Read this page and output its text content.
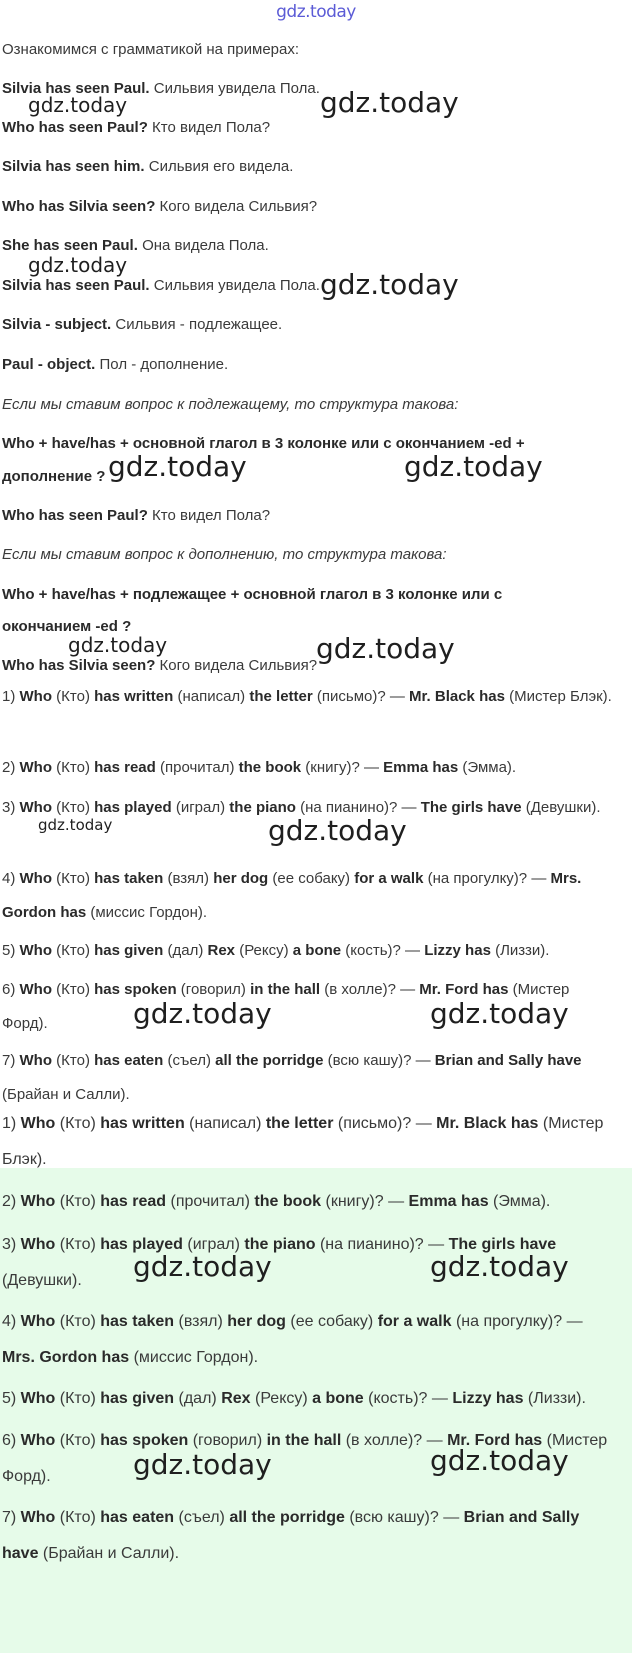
gdz.today

Ознакомимся с грамматикой на примерах:

Silvia has seen Paul. Сильвия увидела Пола.

Who has seen Paul? Кто видел Пола?

Silvia has seen him. Сильвия его видела.

Who has Silvia seen? Кого видела Сильвия?

She has seen Paul. Она видела Пола.

Silvia has seen Paul. Сильвия увидела Пола.

Silvia - subject. Сильвия - подлежащее.

Paul - object. Пол - дополнение.

Если мы ставим вопрос к подлежащему, то структура такова:

Who + have/has + основной глагол в 3 колонке или с окончанием -ed +

дополнение ?

Who has seen Paul? Кто видел Пола?

Если мы ставим вопрос к дополнению, то структура такова:

Who + have/has + подлежащее + основной глагол в 3 колонке или с

окончанием -ed ?

Who has Silvia seen? Кого видела Сильвия?

1) Who (Кто) has written (написал) the letter (письмо)? — Mr. Black has (Мистер Блэк).

2) Who (Кто) has read (прочитал) the book (книгу)? — Emma has (Эмма).

3) Who (Кто) has played (играл) the piano (на пианино)? — The girls have (Девушки).

4) Who (Кто) has taken (взял) her dog (ее собаку) for a walk (на прогулку)? — Mrs. Gordon has (миссис Гордон).

5) Who (Кто) has given (дал) Rex (Рексу) a bone (кость)? — Lizzy has (Лиззи).

6) Who (Кто) has spoken (говорил) in the hall (в холле)? — Mr. Ford has (Мистер Форд).

7) Who (Кто) has eaten (съел) all the porridge (всю кашу)? — Brian and Sally have (Брайан и Салли).

1) Who (Кто) has written (написал) the letter (письмо)? — Mr. Black has (Мистер Блэк).

2) Who (Кто) has read (прочитал) the book (книгу)? — Emma has (Эмма).

3) Who (Кто) has played (играл) the piano (на пианино)? — The girls have (Девушки).

4) Who (Кто) has taken (взял) her dog (ее собаку) for a walk (на прогулку)? — Mrs. Gordon has (миссис Гордон).

5) Who (Кто) has given (дал) Rex (Рексу) a bone (кость)? — Lizzy has (Лиззи).

6) Who (Кто) has spoken (говорил) in the hall (в холле)? — Mr. Ford has (Мистер Форд).

7) Who (Кто) has eaten (съел) all the porridge (всю кашу)? — Brian and Sally have (Брайан и Салли).

gdz.today	gdz.today
gdz.today
gdz.today
gdz.today	gdz.today
gdz.today	gdz.today
gdz.today	gdz.today
gdz.today	gdz.today
gdz.today	gdz.today
gdz.today	gdz.today
